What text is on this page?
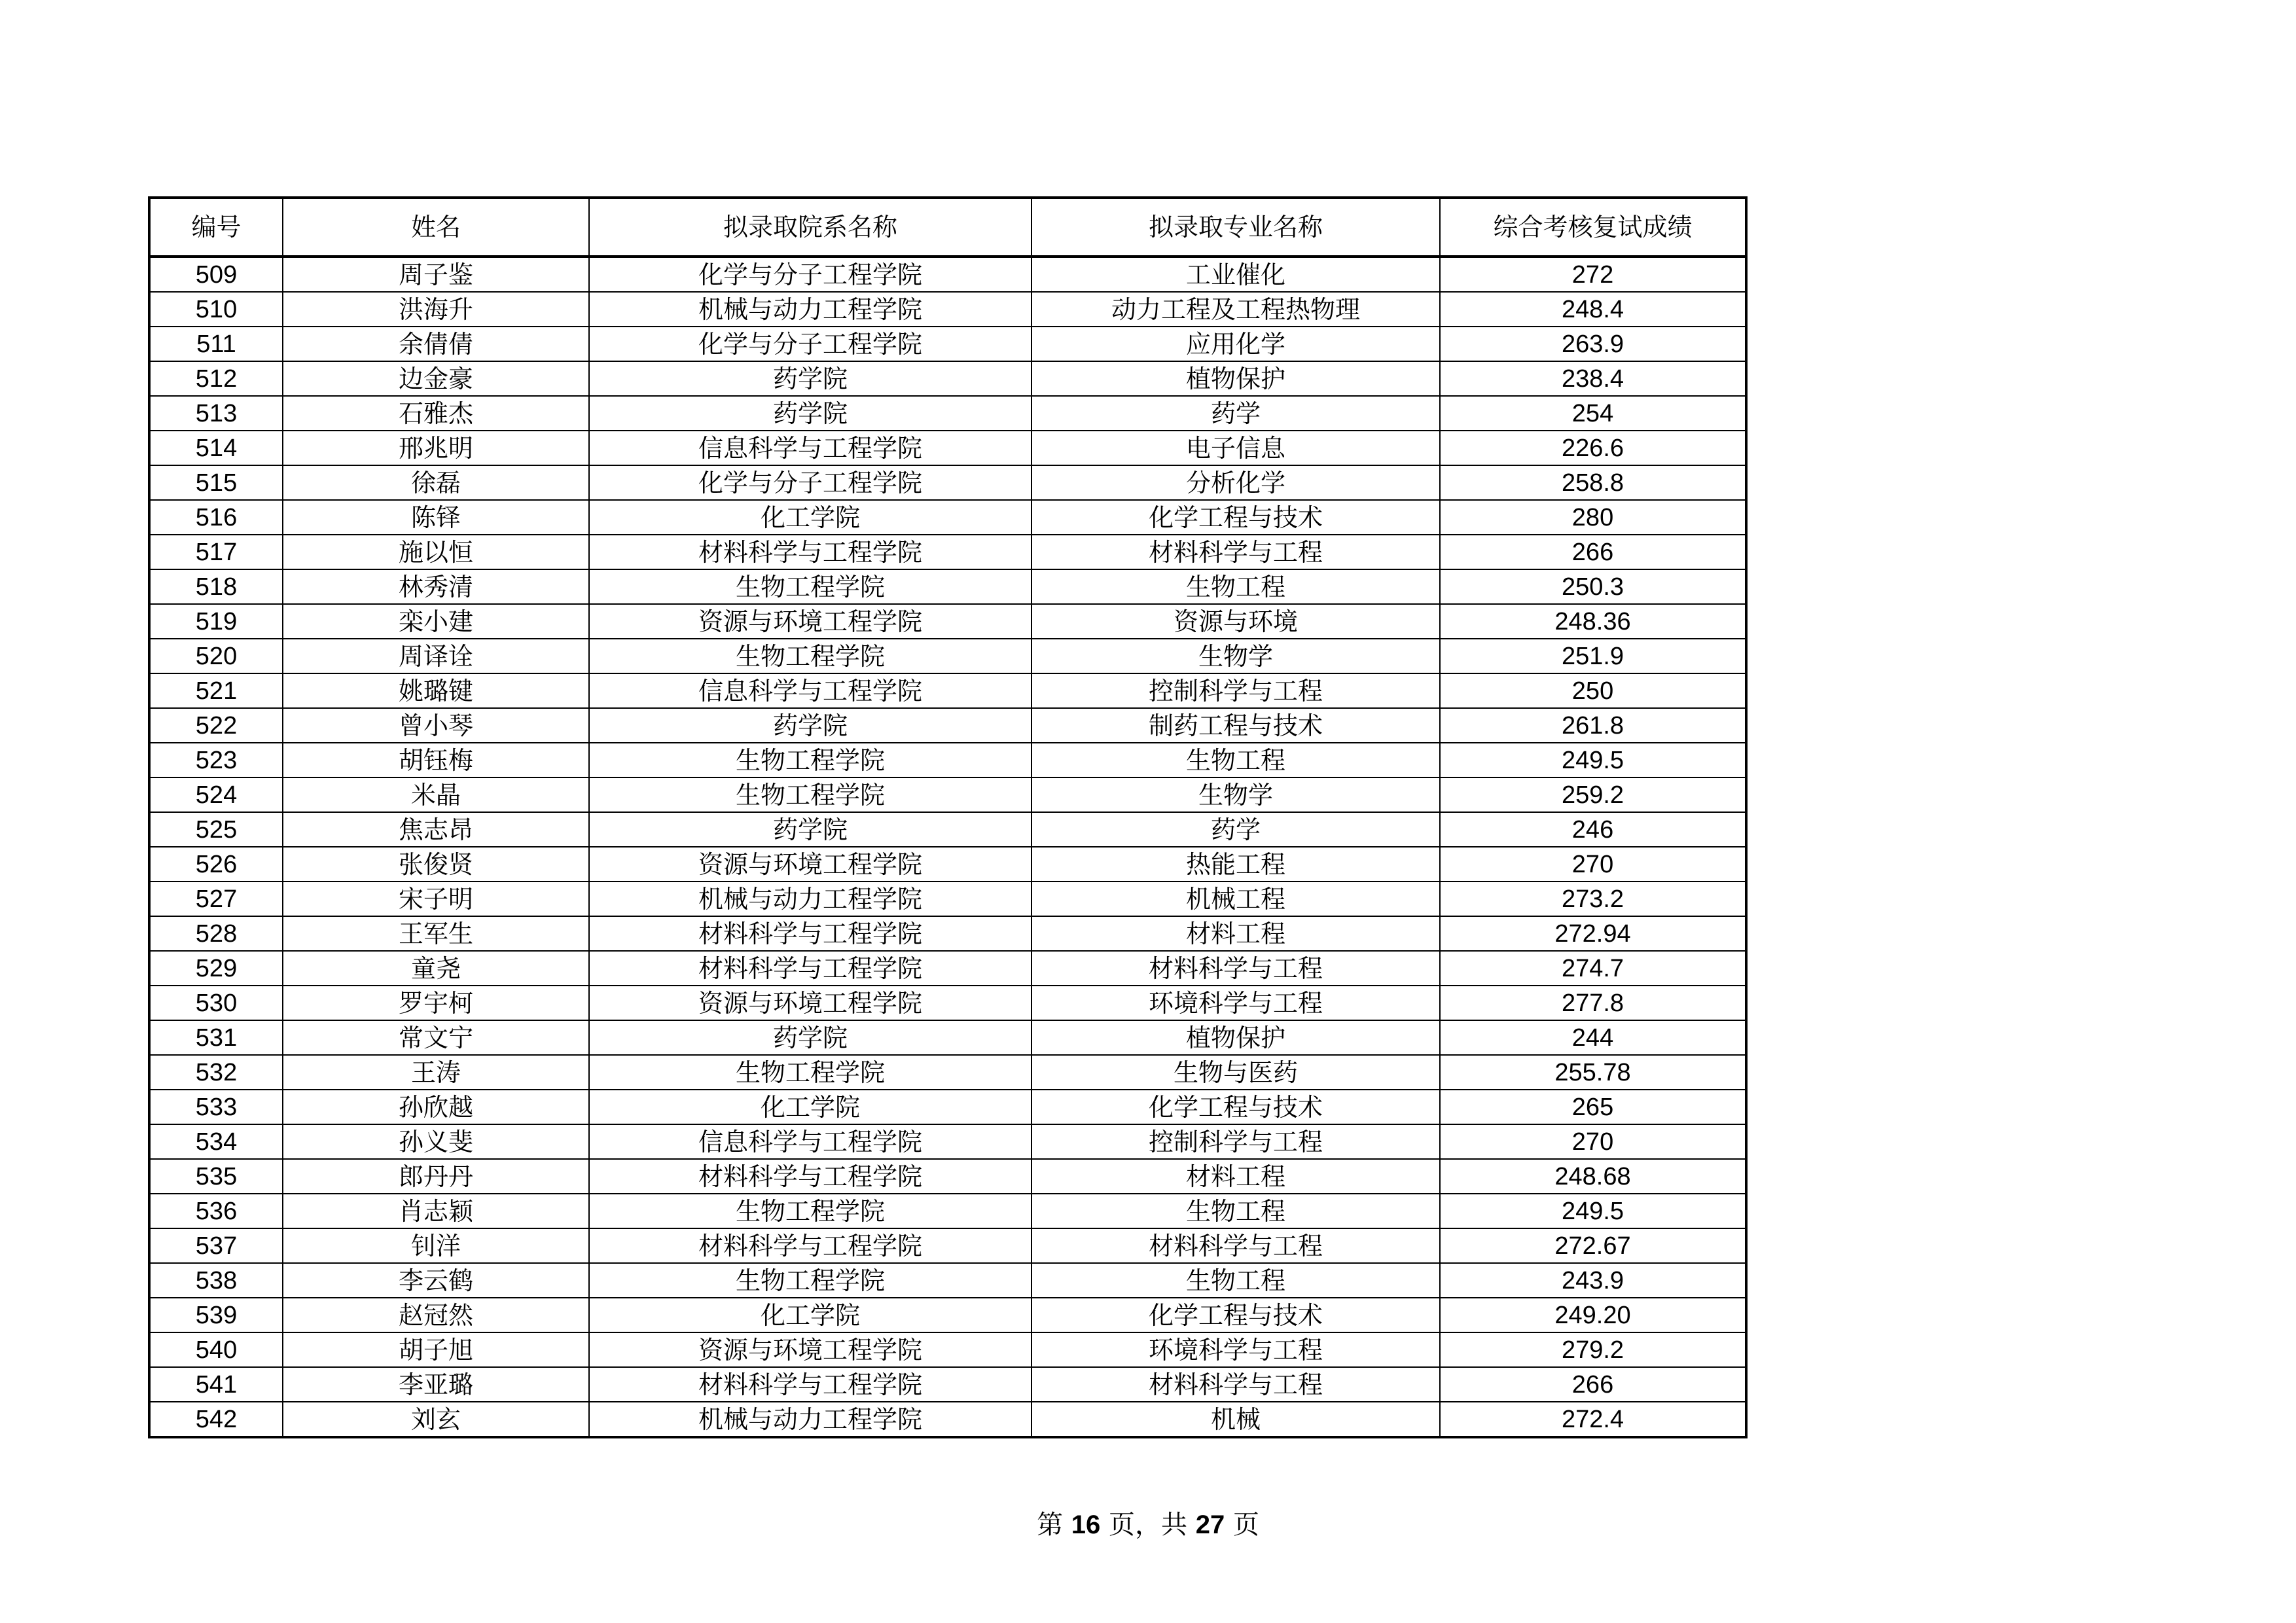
编号	姓名	拟录取院系名称	拟录取专业名称	综合考核复试成绩
509	周子鉴	化学与分子工程学院	工业催化	272
510	洪海升	机械与动力工程学院	动力工程及工程热物理	248.4
511	余倩倩	化学与分子工程学院	应用化学	263.9
512	边金豪	药学院	植物保护	238.4
513	石雅杰	药学院	药学	254
514	邢兆明	信息科学与工程学院	电子信息	226.6
515	徐磊	化学与分子工程学院	分析化学	258.8
516	陈铎	化工学院	化学工程与技术	280
517	施以恒	材料科学与工程学院	材料科学与工程	266
518	林秀清	生物工程学院	生物工程	250.3
519	栾小建	资源与环境工程学院	资源与环境	248.36
520	周译诠	生物工程学院	生物学	251.9
521	姚璐键	信息科学与工程学院	控制科学与工程	250
522	曾小琴	药学院	制药工程与技术	261.8
523	胡钰梅	生物工程学院	生物工程	249.5
524	米晶	生物工程学院	生物学	259.2
525	焦志昂	药学院	药学	246
526	张俊贤	资源与环境工程学院	热能工程	270
527	宋子明	机械与动力工程学院	机械工程	273.2
528	王军生	材料科学与工程学院	材料工程	272.94
529	童尧	材料科学与工程学院	材料科学与工程	274.7
530	罗宇柯	资源与环境工程学院	环境科学与工程	277.8
531	常文宁	药学院	植物保护	244
532	王涛	生物工程学院	生物与医药	255.78
533	孙欣越	化工学院	化学工程与技术	265
534	孙义斐	信息科学与工程学院	控制科学与工程	270
535	郎丹丹	材料科学与工程学院	材料工程	248.68
536	肖志颖	生物工程学院	生物工程	249.5
537	钊洋	材料科学与工程学院	材料科学与工程	272.67
538	李云鹤	生物工程学院	生物工程	243.9
539	赵冠然	化工学院	化学工程与技术	249.20
540	胡子旭	资源与环境工程学院	环境科学与工程	279.2
541	李亚璐	材料科学与工程学院	材料科学与工程	266
542	刘玄	机械与动力工程学院	机械	272.4
第 16 页，共 27 页
